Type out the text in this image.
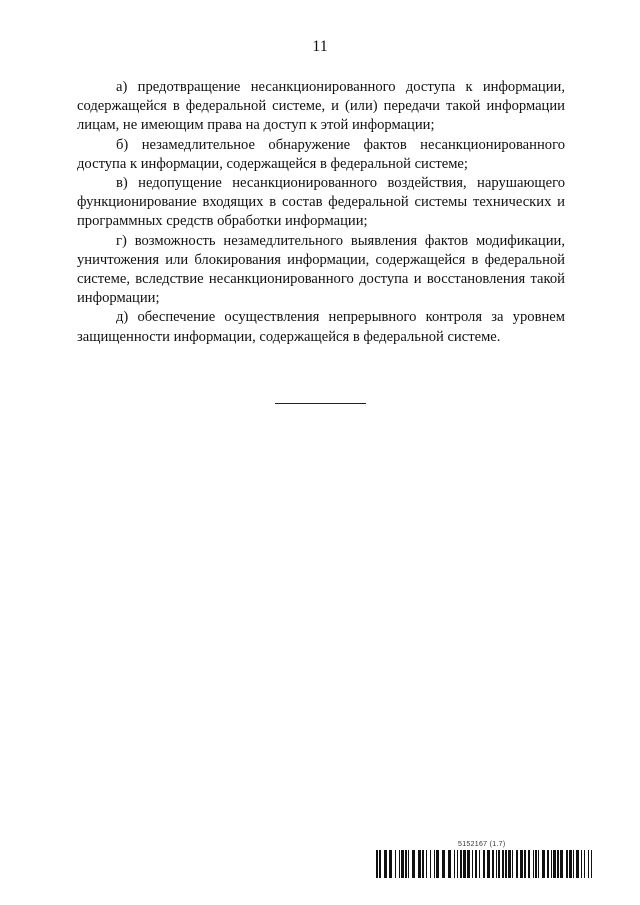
11

а) предотвращение несанкционированного доступа к информации, содержащейся в федеральной системе, и (или) передачи такой информации лицам, не имеющим права на доступ к этой информации;

б) незамедлительное обнаружение фактов несанкционированного доступа к информации, содержащейся в федеральной системе;

в) недопущение несанкционированного воздействия, нарушающего функционирование входящих в состав федеральной системы технических и программных средств обработки информации;

г) возможность незамедлительного выявления фактов модификации, уничтожения или блокирования информации, содержащейся в федеральной системе, вследствие несанкционированного доступа и восстановления такой информации;

д) обеспечение осуществления непрерывного контроля за уровнем защищенности информации, содержащейся в федеральной системе.

5152167 (1.7)
